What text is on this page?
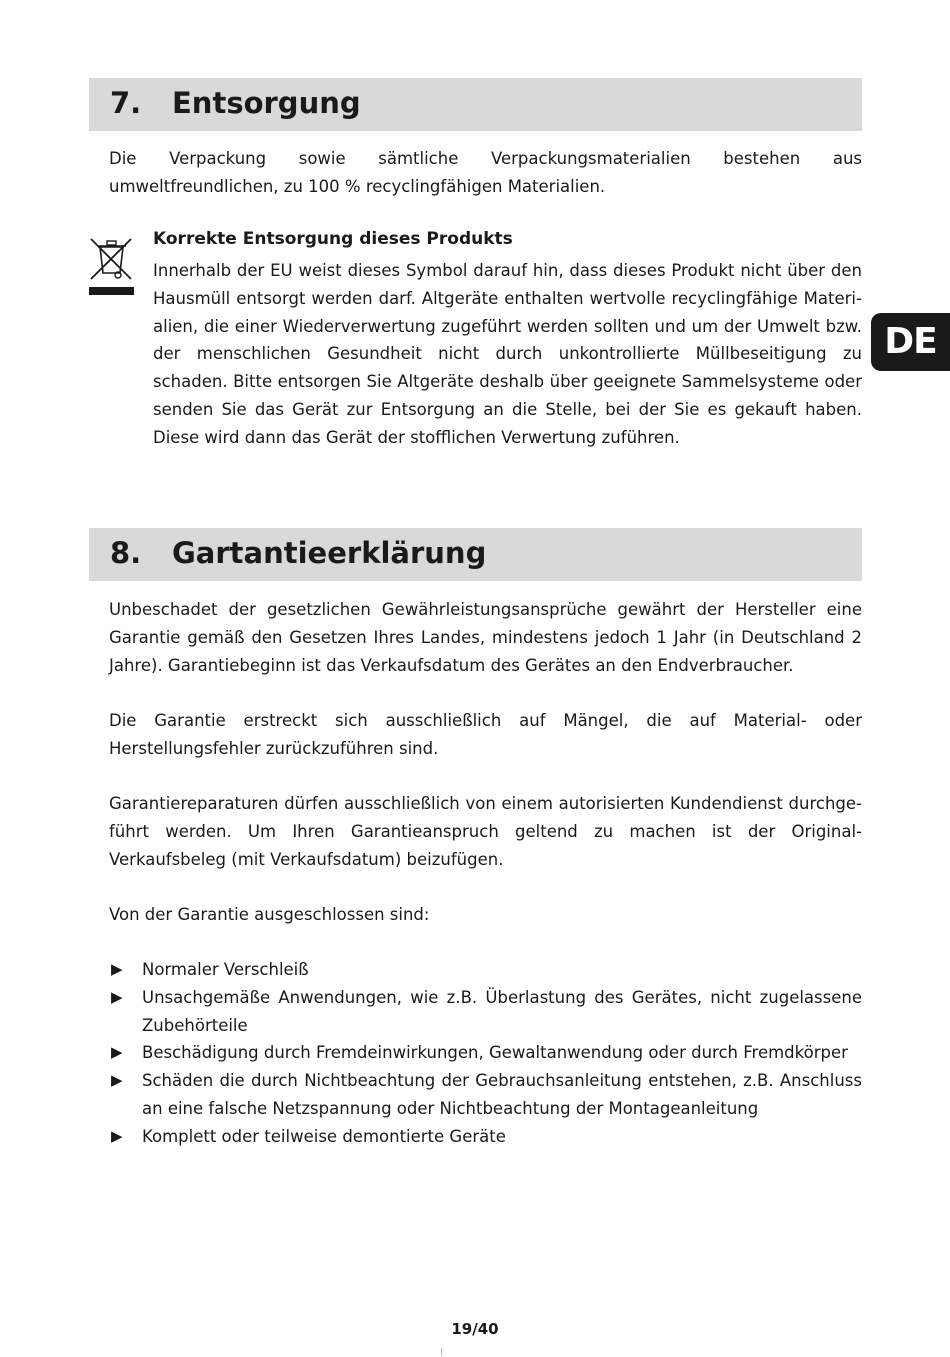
7. Entsorgung
Die Verpackung sowie sämtliche Verpackungsmaterialien bestehen aus umweltfreundlichen, zu 100 % recyclingfähigen Materialien.
Korrekte Entsorgung dieses Produkts
Innerhalb der EU weist dieses Symbol darauf hin, dass dieses Produkt nicht über den Hausmüll entsorgt werden darf. Altgeräte enthalten wertvolle recyclingfähige Materialien, die einer Wiederverwertung zugeführt werden sollten und um der Umwelt bzw. der menschlichen Gesundheit nicht durch unkontrollierte Müllbeseitigung zu schaden. Bitte entsorgen Sie Altgeräte deshalb über geeignete Sammelsysteme oder senden Sie das Gerät zur Entsorgung an die Stelle, bei der Sie es gekauft haben. Diese wird dann das Gerät der stofflichen Verwertung zuführen.
DE
8. Gartantieerklärung
Unbeschadet der gesetzlichen Gewährleistungsansprüche gewährt der Hersteller eine Garantie gemäß den Gesetzen Ihres Landes, mindestens jedoch 1 Jahr (in Deutschland 2 Jahre). Garantiebeginn ist das Verkaufsdatum des Gerätes an den Endverbraucher.
Die Garantie erstreckt sich ausschließlich auf Mängel, die auf Material- oder Herstellungsfehler zurückzuführen sind.
Garantiereparaturen dürfen ausschließlich von einem autorisierten Kundendienst durchgeführt werden. Um Ihren Garantieanspruch geltend zu machen ist der Original-Verkaufsbeleg (mit Verkaufsdatum) beizufügen.
Von der Garantie ausgeschlossen sind:
▶ Normaler Verschleiß
▶ Unsachgemäße Anwendungen, wie z.B. Überlastung des Gerätes, nicht zugelassene Zubehörteile
▶ Beschädigung durch Fremdeinwirkungen, Gewaltanwendung oder durch Fremdkörper
▶ Schäden die durch Nichtbeachtung der Gebrauchsanleitung entstehen, z.B. Anschluss an eine falsche Netzspannung oder Nichtbeachtung der Montageanleitung
▶ Komplett oder teilweise demontierte Geräte
19/40
